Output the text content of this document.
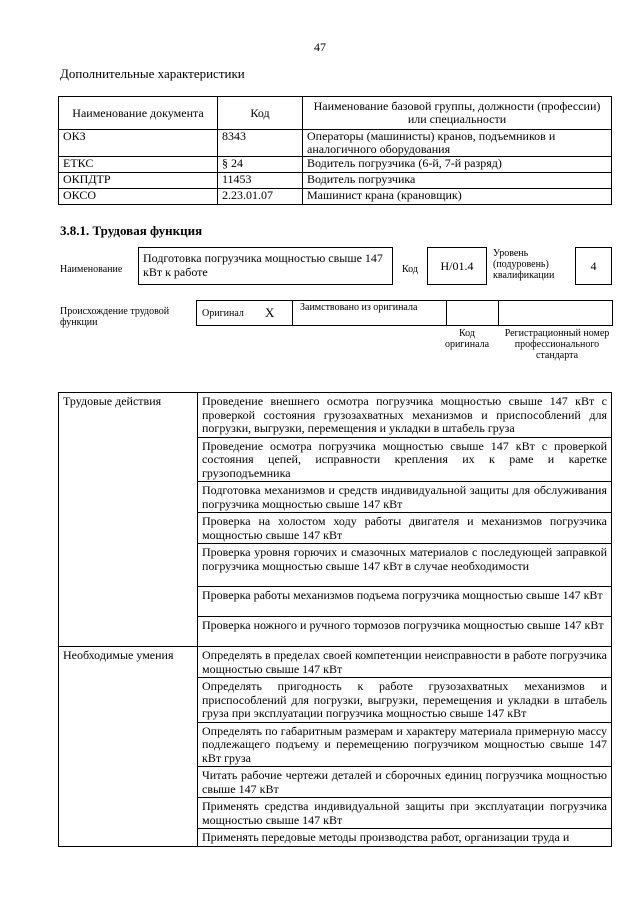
47
Дополнительные характеристики
Наименование документа	Код	Наименование базовой группы, должности (профессии) или специальности
ОКЗ	8343	Операторы (машинисты) кранов, подъемников и аналогичного оборудования
ЕТКС	§ 24	Водитель погрузчика (6-й, 7-й разряд)
ОКПДТР	11453	Водитель погрузчика
ОКСО	2.23.01.07	Машинист крана (крановщик)
3.8.1. Трудовая функция
Наименование
Подготовка погрузчика мощностью свыше 147 кВт к работе	Код	H/01.4
Уровень (подуровень) квалификации
4
Происхождение трудовой функции
Оригинал X	Заимствовано из оригинала
Код оригинала
Регистрационный номер профессионального стандарта
Трудовые действия	Проведение внешнего осмотра погрузчика мощностью свыше 147 кВт с проверкой состояния грузозахватных механизмов и приспособлений для погрузки, выгрузки, перемещения и укладки в штабель груза
	Проведение осмотра погрузчика мощностью свыше 147 кВт с проверкой состояния цепей, исправности крепления их к раме и каретке грузоподъемника
	Подготовка механизмов и средств индивидуальной защиты для обслуживания погрузчика мощностью свыше 147 кВт
	Проверка на холостом ходу работы двигателя и механизмов погрузчика мощностью свыше 147 кВт
	Проверка уровня горючих и смазочных материалов с последующей заправкой погрузчика мощностью свыше 147 кВт в случае необходимости
	Проверка работы механизмов подъема погрузчика мощностью свыше 147 кВт
	Проверка ножного и ручного тормозов погрузчика мощностью свыше 147 кВт
Необходимые умения	Определять в пределах своей компетенции неисправности в работе погрузчика мощностью свыше 147 кВт
	Определять пригодность к работе грузозахватных механизмов и приспособлений для погрузки, выгрузки, перемещения и укладки в штабель груза при эксплуатации погрузчика мощностью свыше 147 кВт
	Определять по габаритным размерам и характеру материала примерную массу подлежащего подъему и перемещению погрузчиком мощностью свыше 147 кВт груза
	Читать рабочие чертежи деталей и сборочных единиц погрузчика мощностью свыше 147 кВт
	Применять средства индивидуальной защиты при эксплуатации погрузчика мощностью свыше 147 кВт
	Применять передовые методы производства работ, организации труда и
